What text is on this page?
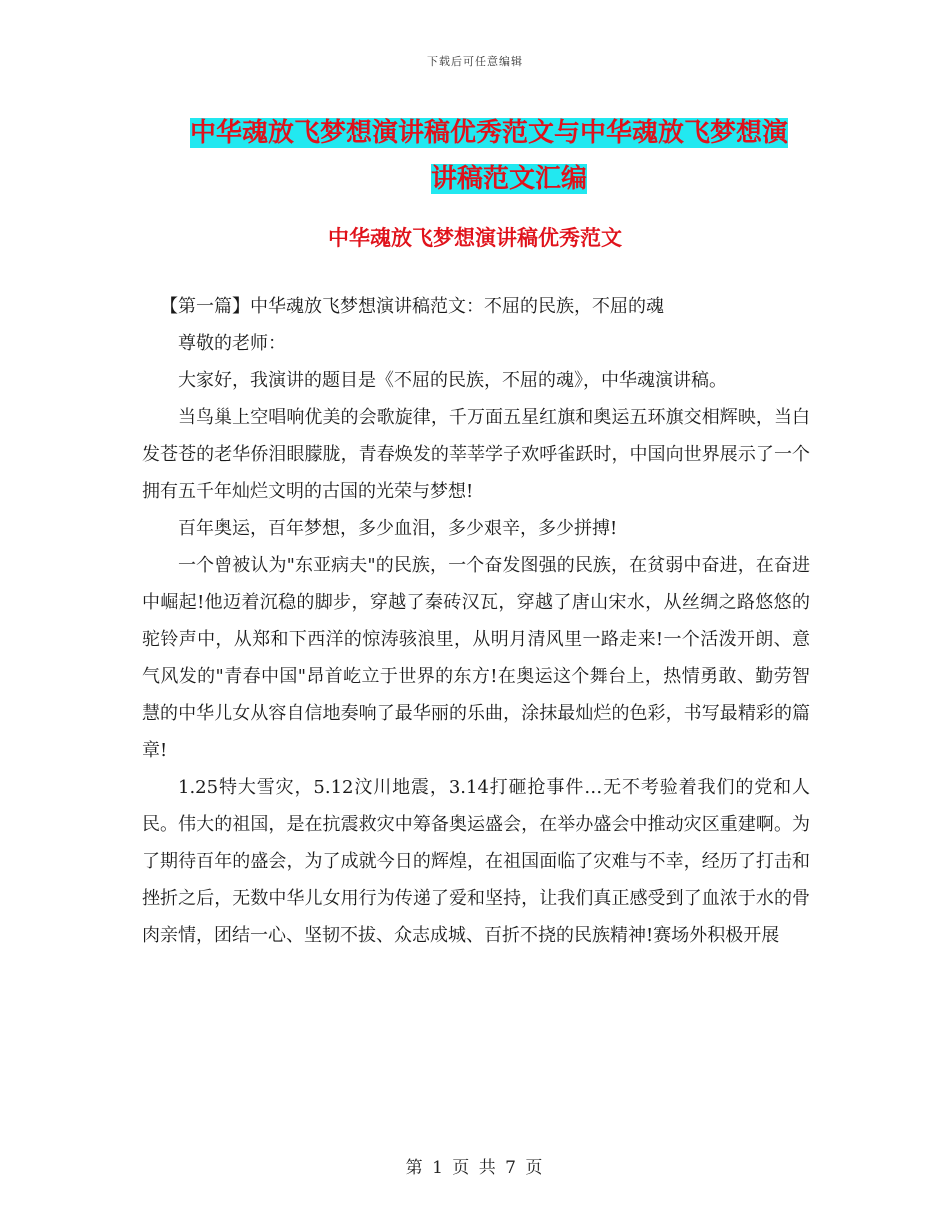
下载后可任意编辑
中华魂放飞梦想演讲稿优秀范文与中华魂放飞梦想演
讲稿范文汇编
中华魂放飞梦想演讲稿优秀范文

【第一篇】中华魂放飞梦想演讲稿范文：不屈的民族，不屈的魂

尊敬的老师：

大家好，我演讲的题目是《不屈的民族，不屈的魂》，中华魂演讲稿。

当鸟巢上空唱响优美的会歌旋律，千万面五星红旗和奥运五环旗交相辉映，当白发苍苍的老华侨泪眼朦胧，青春焕发的莘莘学子欢呼雀跃时，中国向世界展示了一个拥有五千年灿烂文明的古国的光荣与梦想!

百年奥运，百年梦想，多少血泪，多少艰辛，多少拼搏!

一个曾被认为"东亚病夫"的民族，一个奋发图强的民族，在贫弱中奋进，在奋进中崛起!他迈着沉稳的脚步，穿越了秦砖汉瓦，穿越了唐山宋水，从丝绸之路悠悠的驼铃声中，从郑和下西洋的惊涛骇浪里，从明月清风里一路走来!一个活泼开朗、意气风发的"青春中国"昂首屹立于世界的东方!在奥运这个舞台上，热情勇敢、勤劳智慧的中华儿女从容自信地奏响了最华丽的乐曲，涂抹最灿烂的色彩，书写最精彩的篇章!

1.25特大雪灾，5.12汶川地震，3.14打砸抢事件…无不考验着我们的党和人民。伟大的祖国，是在抗震救灾中筹备奥运盛会，在举办盛会中推动灾区重建啊。为了期待百年的盛会，为了成就今日的辉煌，在祖国面临了灾难与不幸，经历了打击和挫折之后，无数中华儿女用行为传递了爱和坚持，让我们真正感受到了血浓于水的骨肉亲情，团结一心、坚韧不拔、众志成城、百折不挠的民族精神!赛场外积极开展

第 1 页 共 7 页
